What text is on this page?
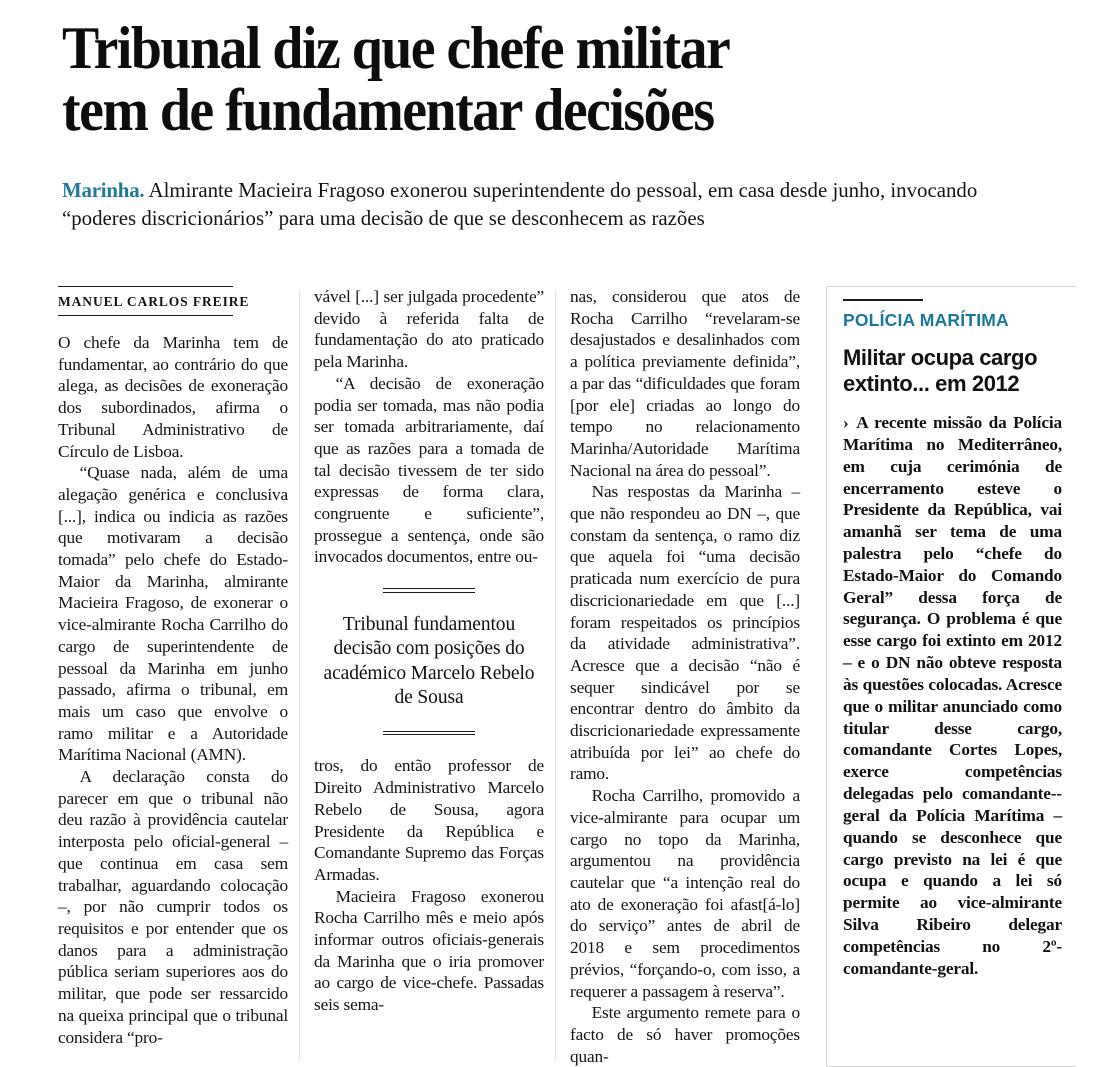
Tribunal diz que chefe militar
tem de fundamentar decisões
Marinha. Almirante Macieira Fragoso exonerou superintendente do pessoal, em casa desde junho, invocando “poderes discricionários” para uma decisão de que se desconhecem as razões
MANUEL CARLOS FREIRE

O chefe da Marinha tem de fundamentar, ao contrário do que alega, as decisões de exoneração dos subordinados, afirma o Tribunal Administrativo de Círculo de Lisboa.

“Quase nada, além de uma alegação genérica e conclusiva [...], indica ou indicia as razões que motivaram a decisão tomada” pelo chefe do Estado-Maior da Marinha, almirante Macieira Fragoso, de exonerar o vice-almirante Rocha Carrilho do cargo de superintendente de pessoal da Marinha em junho passado, afirma o tribunal, em mais um caso que envolve o ramo militar e a Autoridade Marítima Nacional (AMN).

A declaração consta do parecer em que o tribunal não deu razão à providência cautelar interposta pelo oficial-general – que continua em casa sem trabalhar, aguardando colocação –, por não cumprir todos os requisitos e por entender que os danos para a administração pública seriam superiores aos do militar, que pode ser ressarcido na queixa principal que o tribunal considera “pro-

vável [...] ser julgada procedente” devido à referida falta de fundamentação do ato praticado pela Marinha.

“A decisão de exoneração podia ser tomada, mas não podia ser tomada arbitrariamente, daí que as razões para a tomada de tal decisão tivessem de ter sido expressas de forma clara, congruente e suficiente”, prossegue a sentença, onde são invocados documentos, entre ou-

Tribunal fundamentou decisão com posições do académico Marcelo Rebelo de Sousa

tros, do então professor de Direito Administrativo Marcelo Rebelo de Sousa, agora Presidente da República e Comandante Supremo das Forças Armadas.

Macieira Fragoso exonerou Rocha Carrilho mês e meio após informar outros oficiais-generais da Marinha que o iria promover ao cargo de vice-chefe. Passadas seis sema-

nas, considerou que atos de Rocha Carrilho “revelaram-se desajustados e desalinhados com a política previamente definida”, a par das “dificuldades que foram [por ele] criadas ao longo do tempo no relacionamento Marinha/Autoridade Marítima Nacional na área do pessoal”.

Nas respostas da Marinha – que não respondeu ao DN –, que constam da sentença, o ramo diz que aquela foi “uma decisão praticada num exercício de pura discricionariedade em que [...] foram respeitados os princípios da atividade administrativa”. Acresce que a decisão “não é sequer sindicável por se encontrar dentro do âmbito da discricionariedade expressamente atribuída por lei” ao chefe do ramo.

Rocha Carrilho, promovido a vice-almirante para ocupar um cargo no topo da Marinha, argumentou na providência cautelar que “a intenção real do ato de exoneração foi afast[á-lo] do serviço” antes de abril de 2018 e sem procedimentos prévios, “forçando-o, com isso, a requerer a passagem à reserva”.

Este argumento remete para o facto de só haver promoções quan-

POLÍCIA MARÍTIMA
Militar ocupa cargo
extinto... em 2012
› A recente missão da Polícia Marítima no Mediterrâneo, em cuja cerimónia de encerramento esteve o Presidente da República, vai amanhã ser tema de uma palestra pelo “chefe do Estado-Maior do Comando Geral” dessa força de segurança. O problema é que esse cargo foi extinto em 2012 – e o DN não obteve resposta às questões colocadas. Acresce que o militar anunciado como titular desse cargo, comandante Cortes Lopes, exerce competências delegadas pelo comandante--geral da Polícia Marítima – quando se desconhece que cargo previsto na lei é que ocupa e quando a lei só permite ao vice-almirante Silva Ribeiro delegar competências no 2º-comandante-geral.
